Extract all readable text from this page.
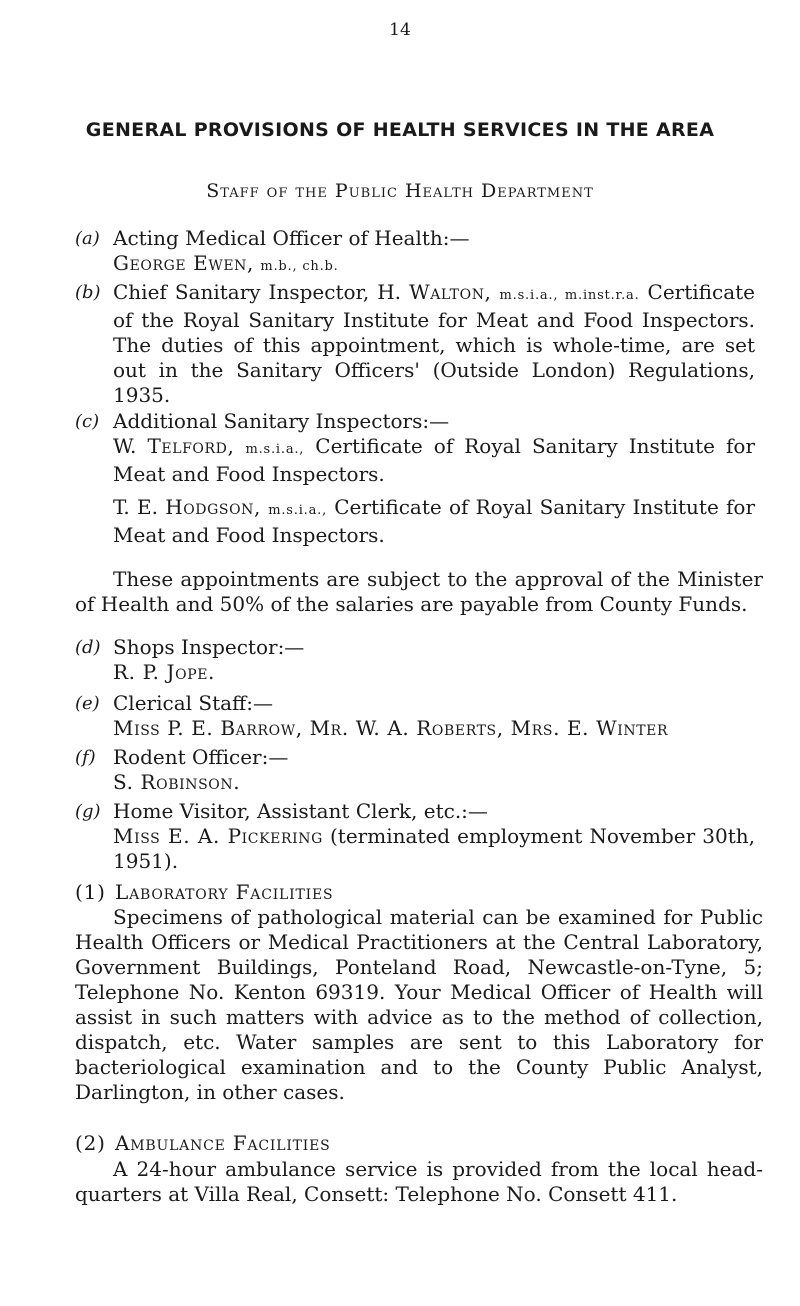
14
GENERAL PROVISIONS OF HEALTH SERVICES IN THE AREA
Staff of the Public Health Department
(a) Acting Medical Officer of Health:—
George Ewen, m.b., ch.b.
(b) Chief Sanitary Inspector, H. Walton, m.s.i.a., m.inst.r.a. Certificate of the Royal Sanitary Institute for Meat and Food Inspectors. The duties of this appointment, which is whole-time, are set out in the Sanitary Officers' (Outside London) Regulations, 1935.
(c) Additional Sanitary Inspectors:—
W. Telford, m.s.i.a., Certificate of Royal Sanitary Institute for Meat and Food Inspectors.
T. E. Hodgson, m.s.i.a., Certificate of Royal Sanitary Institute for Meat and Food Inspectors.

These appointments are subject to the approval of the Minister of Health and 50% of the salaries are payable from County Funds.

(d) Shops Inspector:—
R. P. Jope.
(e) Clerical Staff:—
Miss P. E. Barrow, Mr. W. A. Roberts, Mrs. E. Winter
(f) Rodent Officer:—
S. Robinson.
(g) Home Visitor, Assistant Clerk, etc.:—
Miss E. A. Pickering (terminated employment November 30th, 1951).
(1) Laboratory Facilities
Specimens of pathological material can be examined for Public Health Officers or Medical Practitioners at the Central Laboratory, Government Buildings, Ponteland Road, Newcastle-on-Tyne, 5; Telephone No. Kenton 69319. Your Medical Officer of Health will assist in such matters with advice as to the method of collection, dispatch, etc. Water samples are sent to this Laboratory for bacteriological examination and to the County Public Analyst, Darlington, in other cases.
(2) Ambulance Facilities
A 24-hour ambulance service is provided from the local head-quarters at Villa Real, Consett: Telephone No. Consett 411.
